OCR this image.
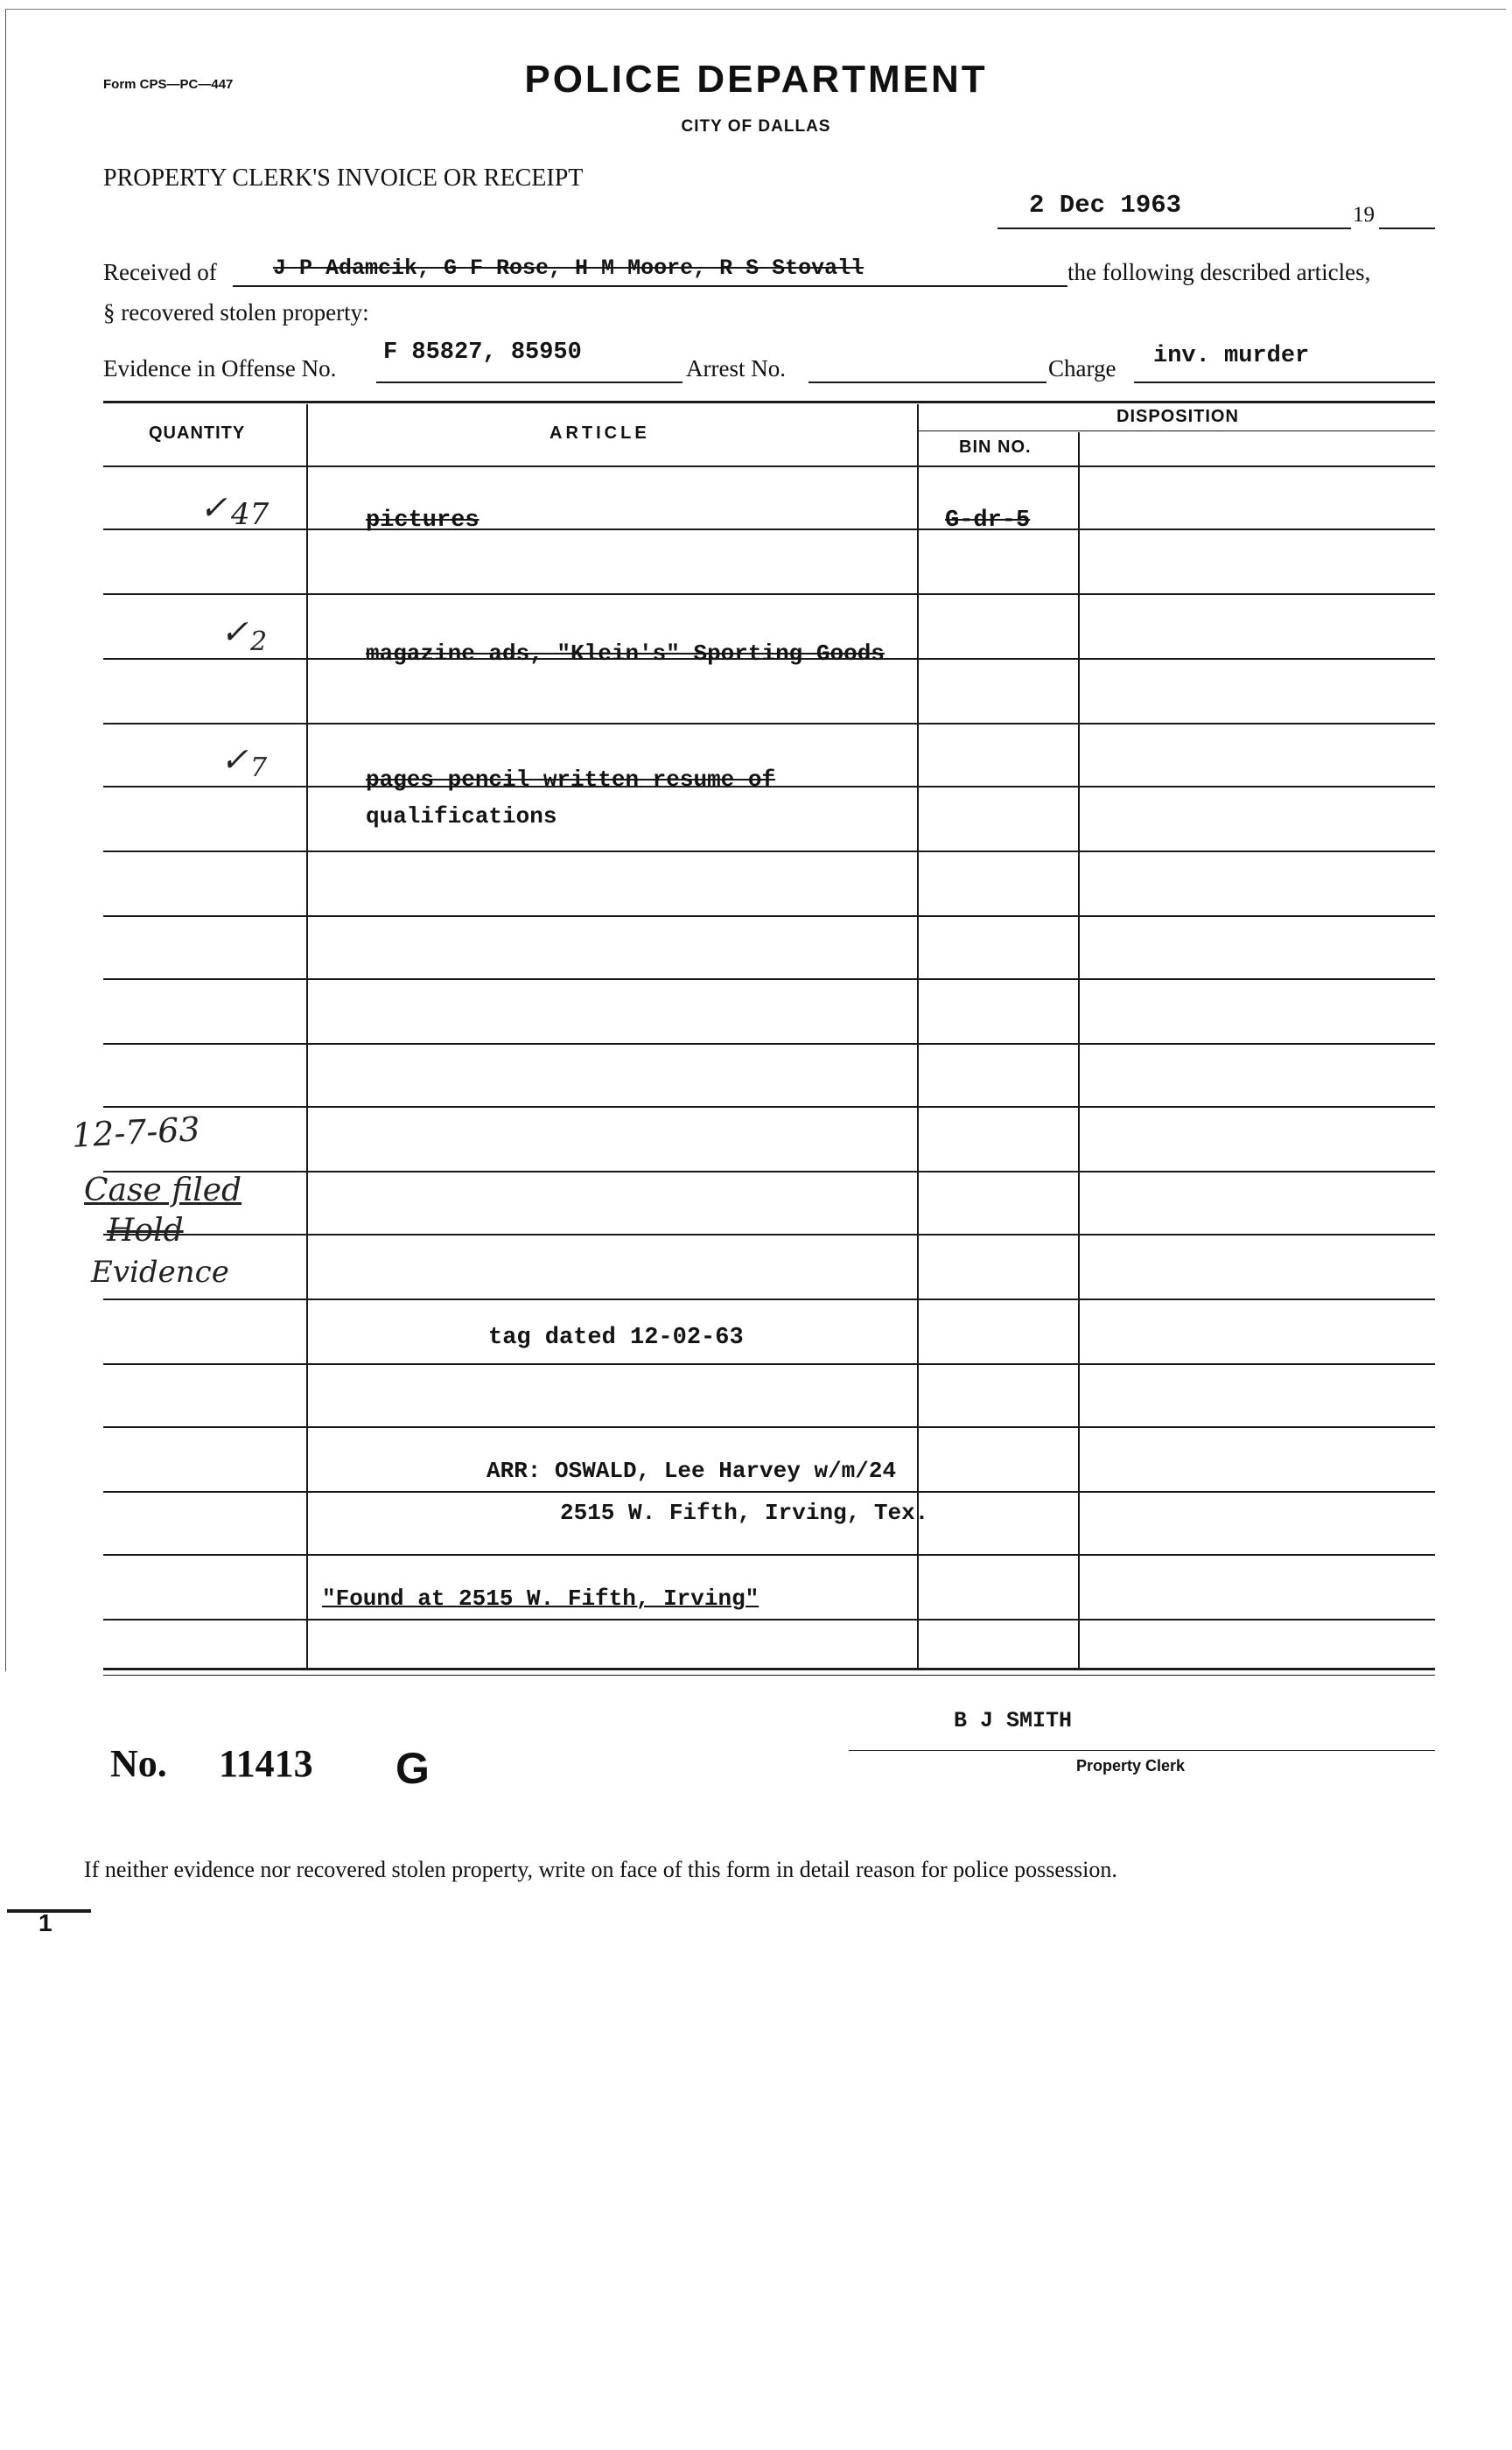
Form CPS—PC—447	POLICE DEPARTMENT
CITY OF DALLAS
PROPERTY CLERK'S INVOICE OR RECEIPT
2 Dec 1963	19
Received of	J P Adamcik, G F Rose, H M Moore, R S Stovall	the following described articles,
§ recovered stolen property:
Evidence in Offense No.
F 85827, 85950
Arrest No.	Charge inv. murder
QUANTITY	ARTICLE
DISPOSITION
BIN NO.
✓ 47	pictures	G-dr-5
✓ 2	magazine ads, "Klein's" Sporting Goods
✓ 7	pages pencil written resume of
qualifications
12-7-63
Case filed
Hold
Evidence
tag dated 12-02-63
ARR: OSWALD, Lee Harvey w/m/24
2515 W. Fifth, Irving, Tex.
"Found at 2515 W. Fifth, Irving"
No. 11413 G
B J SMITH
Property Clerk
If neither evidence nor recovered stolen property, write on face of this form in detail reason for police possession.
1
